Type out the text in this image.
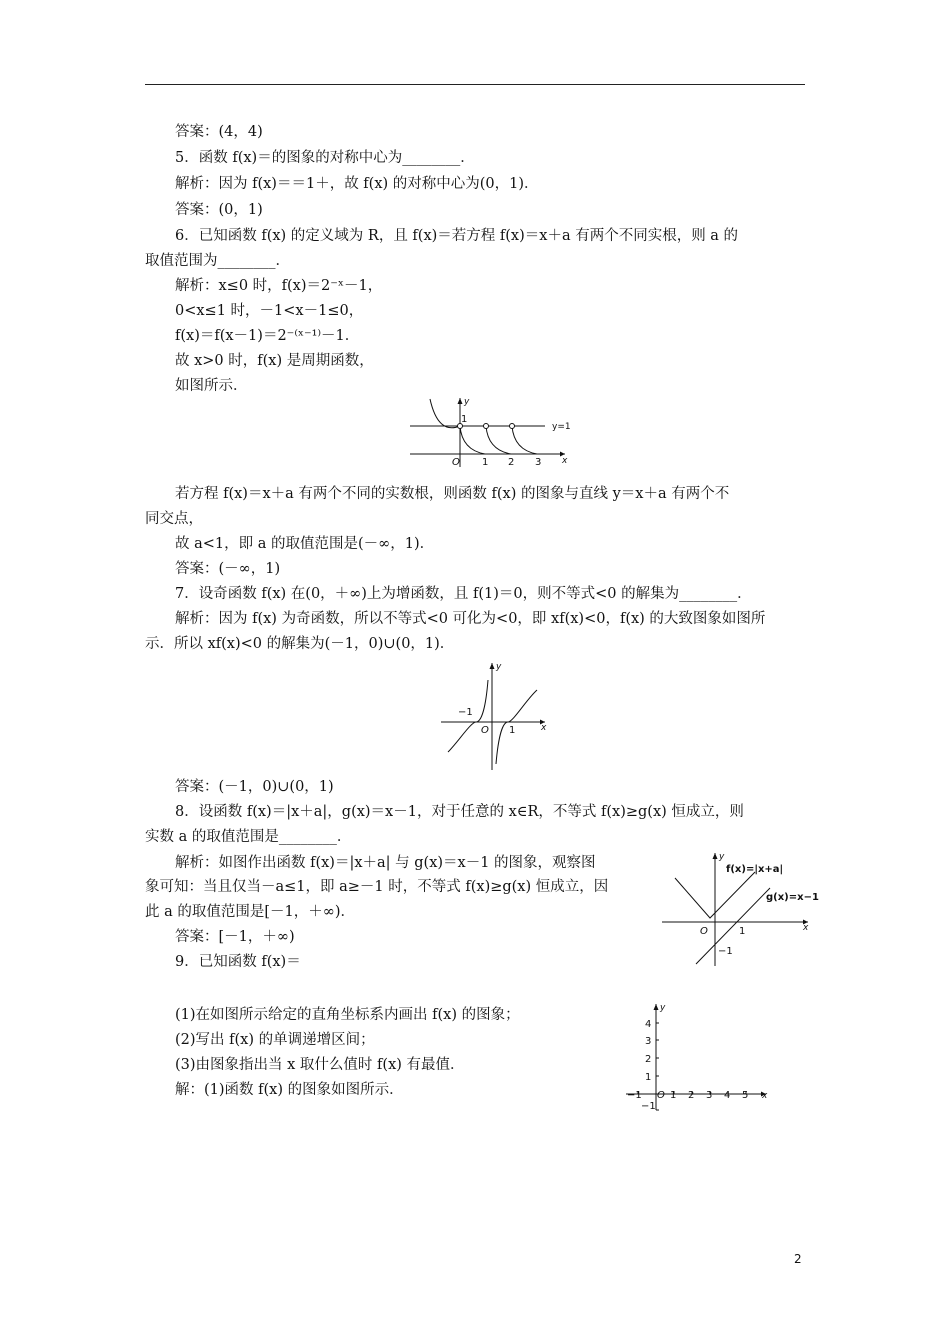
答案：(4，4)
5．函数 f(x)＝的图象的对称中心为________．
解析：因为 f(x)＝＝1＋，故 f(x) 的对称中心为(0，1)．
答案：(0，1)
6．已知函数 f(x) 的定义域为 R，且 f(x)＝若方程 f(x)＝x＋a 有两个不同实根，则 a 的
取值范围为________．
解析：x≤0 时，f(x)＝2⁻ˣ－1，
0<x≤1 时，－1<x－1≤0，
f(x)＝f(x－1)＝2⁻⁽ˣ⁻¹⁾－1．
故 x>0 时，f(x) 是周期函数，
如图所示．
y
1
y=1
O 1 2 3 x
若方程 f(x)＝x＋a 有两个不同的实数根，则函数 f(x) 的图象与直线 y＝x＋a 有两个不
同交点，
故 a<1，即 a 的取值范围是(－∞，1)．
答案：(－∞，1)
7．设奇函数 f(x) 在(0，＋∞)上为增函数，且 f(1)＝0，则不等式<0 的解集为________．
解析：因为 f(x) 为奇函数，所以不等式<0 可化为<0，即 xf(x)<0，f(x) 的大致图象如图所
示．所以 xf(x)<0 的解集为(－1，0)∪(0，1)．
y
−1
O 1	x
答案：(－1，0)∪(0，1)
8．设函数 f(x)＝|x＋a|，g(x)＝x－1，对于任意的 x∈R，不等式 f(x)≥g(x) 恒成立，则
实数 a 的取值范围是________．
解析：如图作出函数 f(x)＝|x＋a| 与 g(x)＝x－1 的图象，观察图
象可知：当且仅当－a≤1，即 a≥－1 时，不等式 f(x)≥g(x) 恒成立，因
此 a 的取值范围是[－1，＋∞)．
答案：[－1，＋∞)
9．已知函数 f(x)＝
y
f(x)=|x+a|
g(x)=x−1
O	1
−1
x
(1)在如图所示给定的直角坐标系内画出 f(x) 的图象；
(2)写出 f(x) 的单调递增区间；
(3)由图象指出当 x 取什么值时 f(x) 有最值．
解：(1)函数 f(x) 的图象如图所示．
y
4
3
2
1
−1
−1 O 1 2 3 4 5 x
2
